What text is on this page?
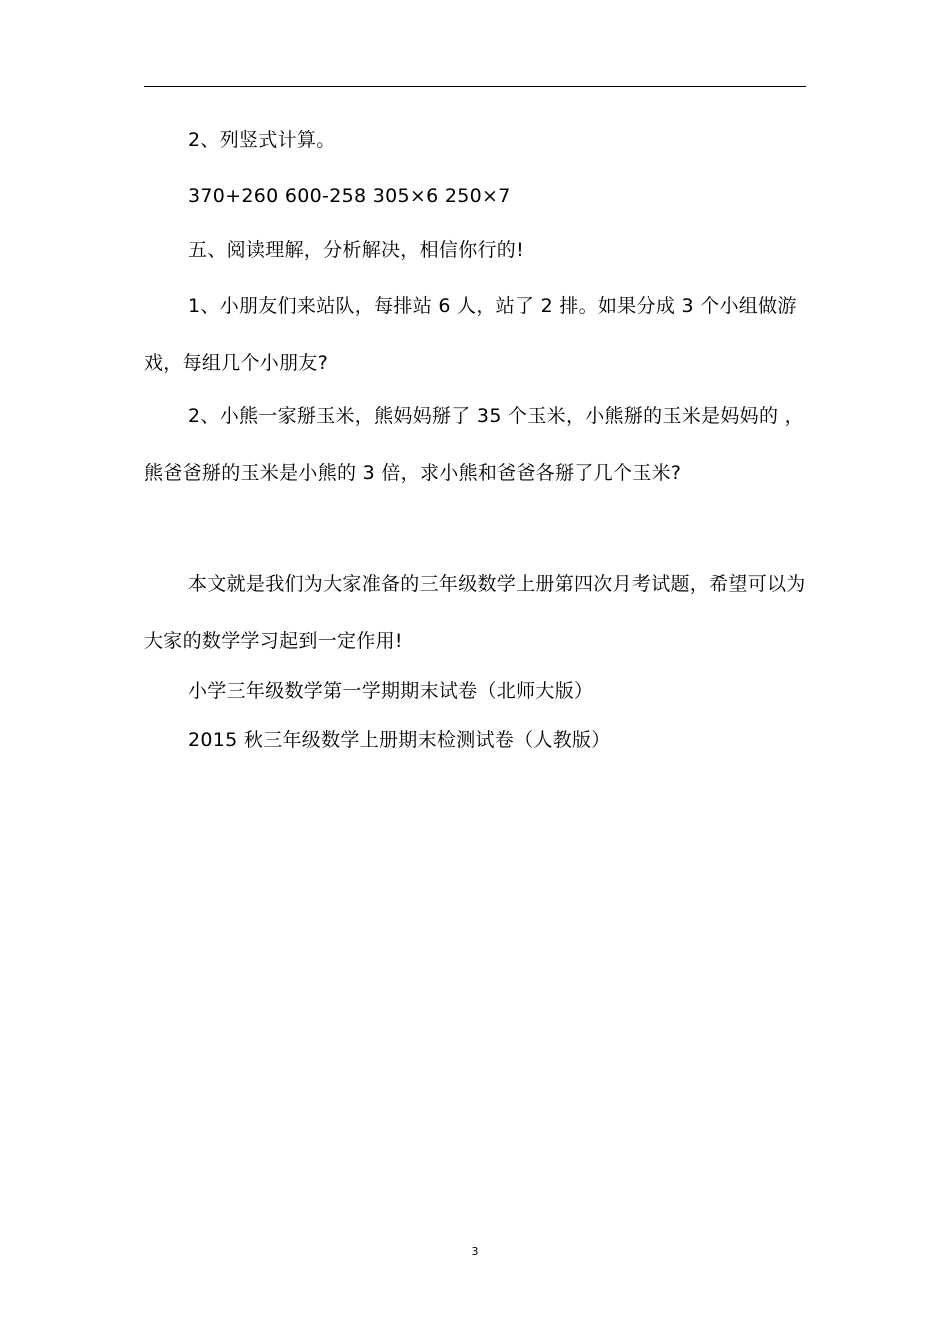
2、列竖式计算。

370+260 600-258 305×6 250×7

五、阅读理解，分析解决，相信你行的!

1、小朋友们来站队，每排站 6 人，站了 2 排。如果分成 3 个小组做游戏，每组几个小朋友?

2、小熊一家掰玉米，熊妈妈掰了 35 个玉米，小熊掰的玉米是妈妈的 ，熊爸爸掰的玉米是小熊的 3 倍，求小熊和爸爸各掰了几个玉米?

本文就是我们为大家准备的三年级数学上册第四次月考试题，希望可以为大家的数学学习起到一定作用!

小学三年级数学第一学期期末试卷（北师大版）

2015 秋三年级数学上册期末检测试卷（人教版）

3
